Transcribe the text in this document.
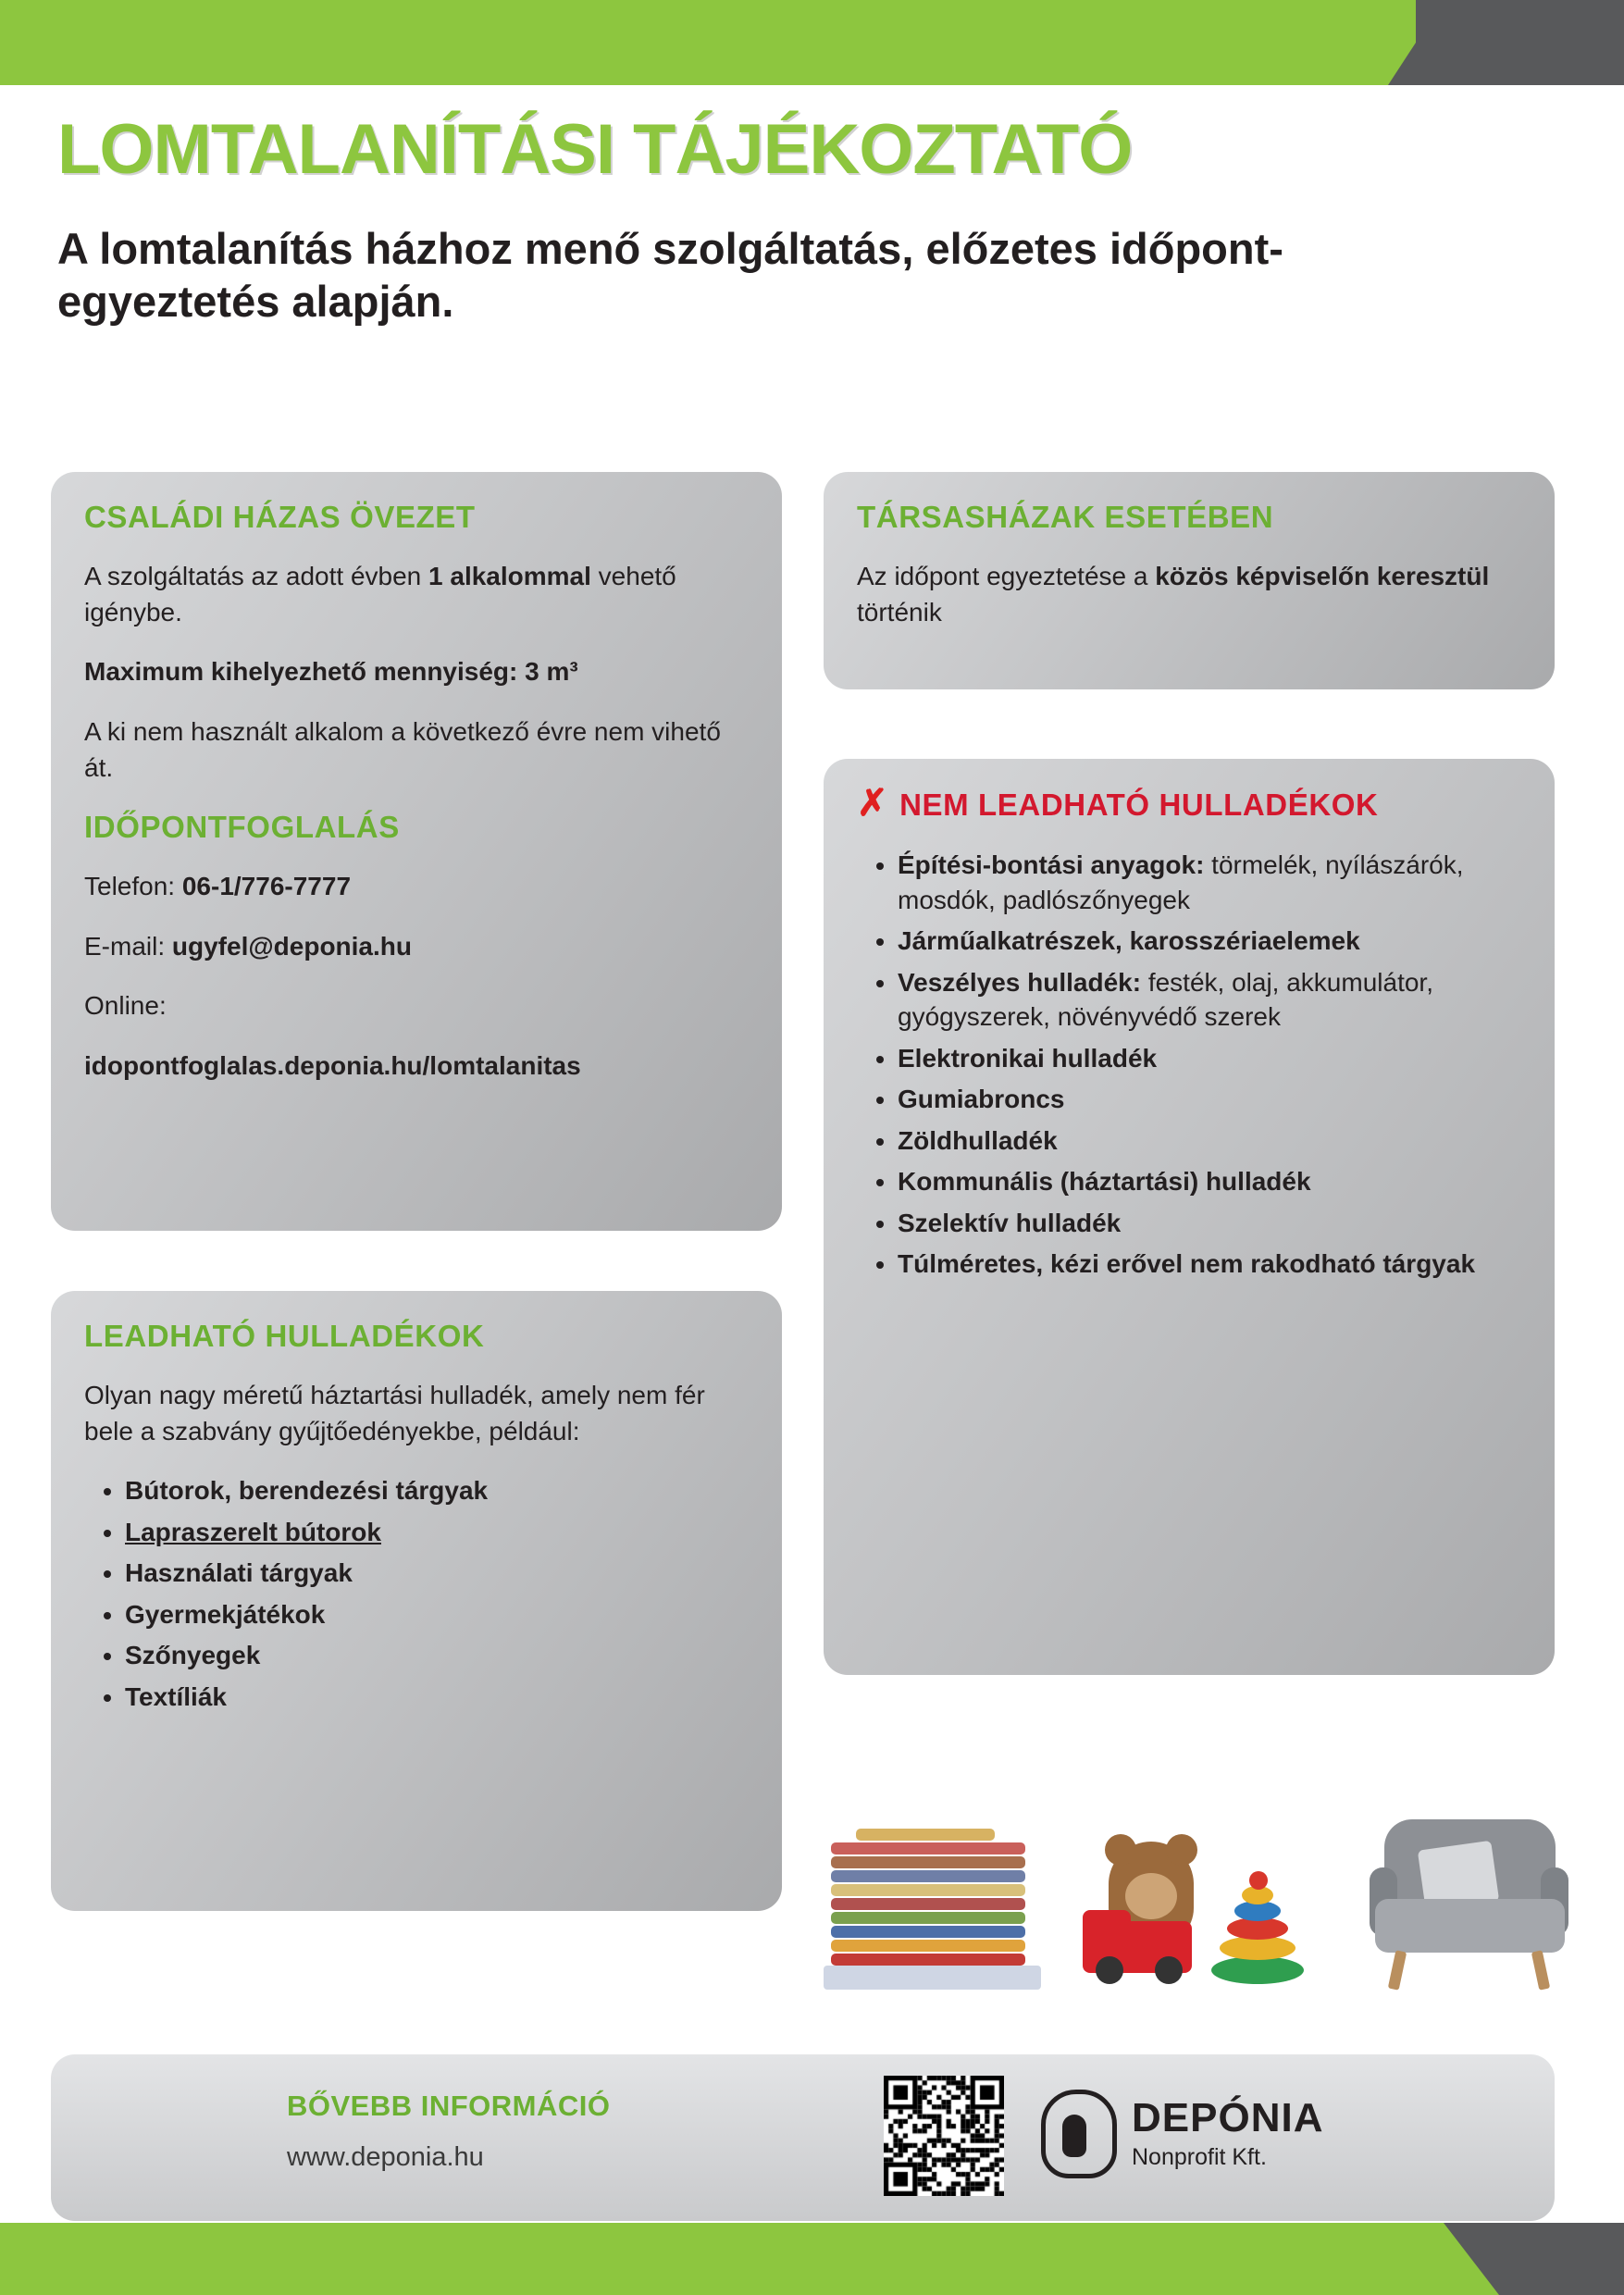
LOMTALANÍTÁSI TÁJÉKOZTATÓ
A lomtalanítás házhoz menő szolgáltatás, előzetes időpont-egyeztetés alapján.
CSALÁDI HÁZAS ÖVEZET

A szolgáltatás az adott évben 1 alkalommal vehető igénybe.

Maximum kihelyezhető mennyiség: 3 m³

A ki nem használt alkalom a következő évre nem vihető át.

IDŐPONTFOGLALÁS

Telefon: 06-1/776-7777

E-mail: ugyfel@deponia.hu

Online:

idopontfoglalas.deponia.hu/lomtalanitas

TÁRSASHÁZAK ESETÉBEN

Az időpont egyeztetése a közös képviselőn keresztül történik

✗ NEM LEADHATÓ HULLADÉKOK
• Építési-bontási anyagok: törmelék, nyílászárók, mosdók, padlószőnyegek
• Járműalkatrészek, karosszériaelemek
• Veszélyes hulladék: festék, olaj, akkumulátor, gyógyszerek, növényvédő szerek
• Elektronikai hulladék
• Gumiabroncs
• Zöldhulladék
• Kommunális (háztartási) hulladék
• Szelektív hulladék
• Túlméretes, kézi erővel nem rakodható tárgyak
LEADHATÓ HULLADÉKOK

Olyan nagy méretű háztartási hulladék, amely nem fér bele a szabvány gyűjtőedényekbe, például:

• Bútorok, berendezési tárgyak
• Lapraszerelt bútorok
• Használati tárgyak
• Gyermekjátékok
• Szőnyegek
• Textíliák
BŐVEBB INFORMÁCIÓ
www.deponia.hu
DEPÓNIA
Nonprofit Kft.
